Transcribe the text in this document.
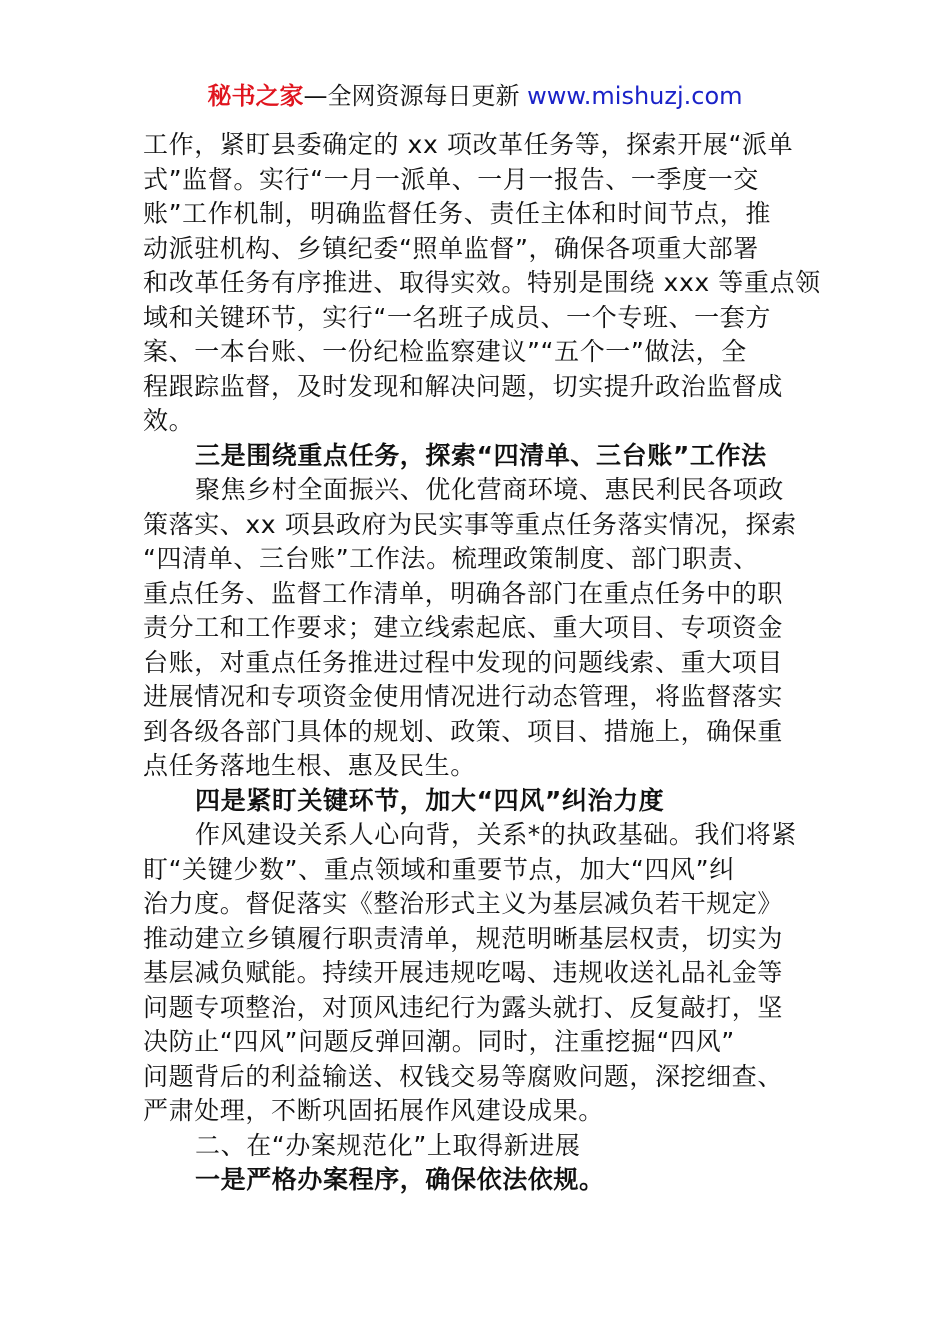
秘书之家—全网资源每日更新 www.mishuzj.com
工作，紧盯县委确定的 xx 项改革任务等，探索开展“派单
式”监督。实行“一月一派单、一月一报告、一季度一交
账”工作机制，明确监督任务、责任主体和时间节点，推
动派驻机构、乡镇纪委“照单监督”，确保各项重大部署
和改革任务有序推进、取得实效。特别是围绕 xxx 等重点领
域和关键环节，实行“一名班子成员、一个专班、一套方
案、一本台账、一份纪检监察建议”“五个一”做法，全
程跟踪监督，及时发现和解决问题，切实提升政治监督成
效。
三是围绕重点任务，探索“四清单、三台账”工作法
聚焦乡村全面振兴、优化营商环境、惠民利民各项政
策落实、xx 项县政府为民实事等重点任务落实情况，探索
“四清单、三台账”工作法。梳理政策制度、部门职责、
重点任务、监督工作清单，明确各部门在重点任务中的职
责分工和工作要求；建立线索起底、重大项目、专项资金
台账，对重点任务推进过程中发现的问题线索、重大项目
进展情况和专项资金使用情况进行动态管理，将监督落实
到各级各部门具体的规划、政策、项目、措施上，确保重
点任务落地生根、惠及民生。
四是紧盯关键环节，加大“四风”纠治力度
作风建设关系人心向背，关系*的执政基础。我们将紧
盯“关键少数”、重点领域和重要节点，加大“四风”纠
治力度。督促落实《整治形式主义为基层减负若干规定》
推动建立乡镇履行职责清单，规范明晰基层权责，切实为
基层减负赋能。持续开展违规吃喝、违规收送礼品礼金等
问题专项整治，对顶风违纪行为露头就打、反复敲打，坚
决防止“四风”问题反弹回潮。同时，注重挖掘“四风”
问题背后的利益输送、权钱交易等腐败问题，深挖细查、
严肃处理，不断巩固拓展作风建设成果。
二、在“办案规范化”上取得新进展
一是严格办案程序，确保依法依规。
